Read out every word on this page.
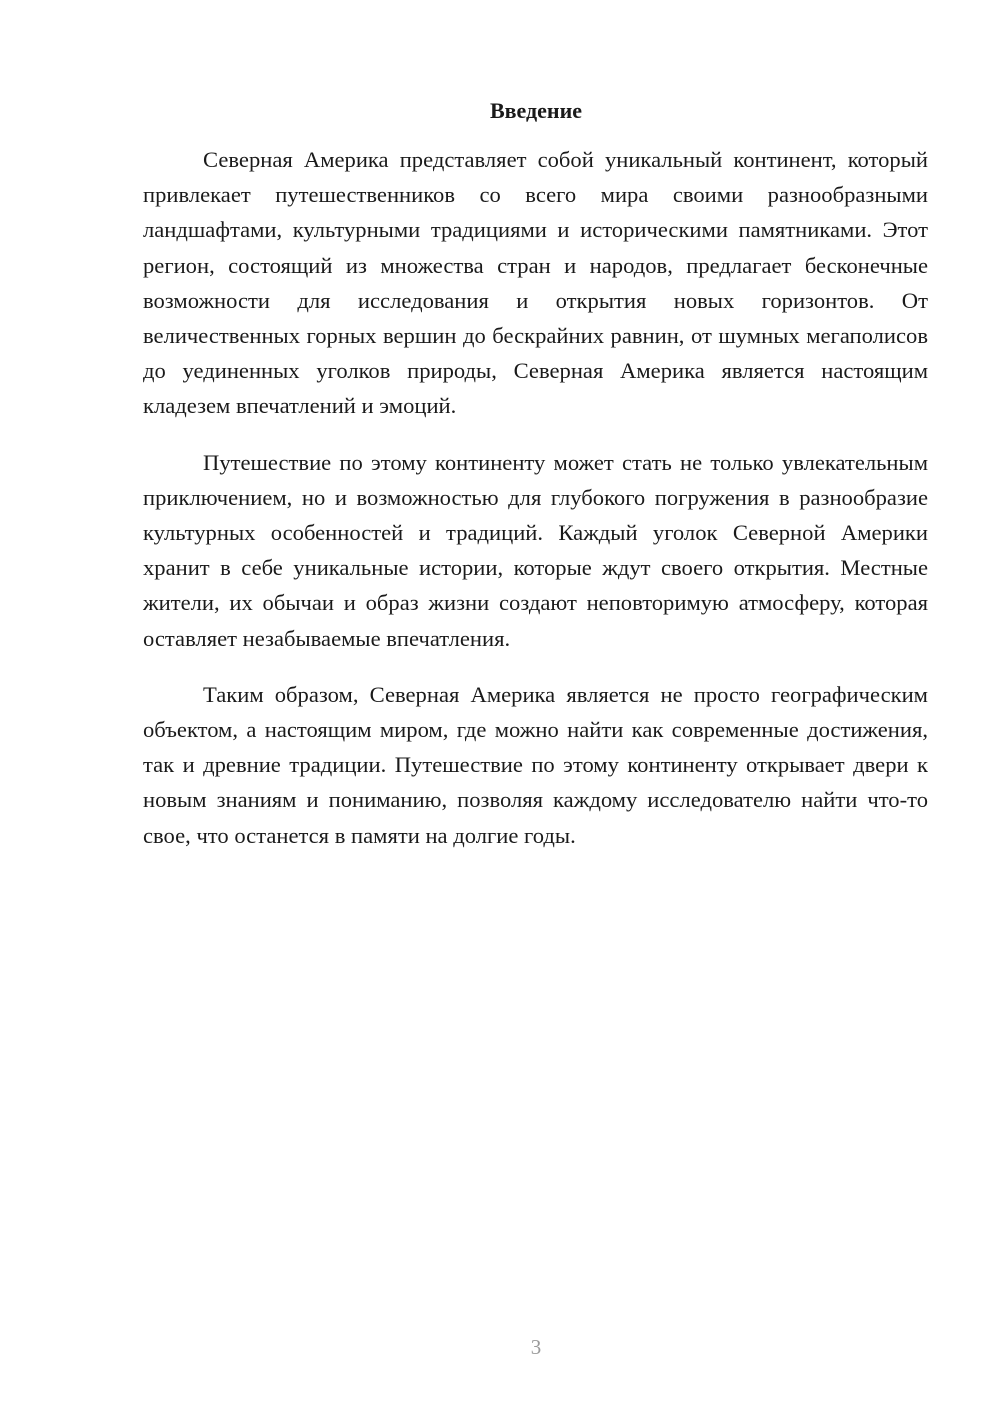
Введение

Северная Америка представляет собой уникальный континент, который привлекает путешественников со всего мира своими разнообразными ландшафтами, культурными традициями и историческими памятниками. Этот регион, состоящий из множества стран и народов, предлагает бесконечные возможности для исследования и открытия новых горизонтов. От величественных горных вершин до бескрайних равнин, от шумных мегаполисов до уединенных уголков природы, Северная Америка является настоящим кладезем впечатлений и эмоций.

Путешествие по этому континенту может стать не только увлекательным приключением, но и возможностью для глубокого погружения в разнообразие культурных особенностей и традиций. Каждый уголок Северной Америки хранит в себе уникальные истории, которые ждут своего открытия. Местные жители, их обычаи и образ жизни создают неповторимую атмосферу, которая оставляет незабываемые впечатления.

Таким образом, Северная Америка является не просто географическим объектом, а настоящим миром, где можно найти как современные достижения, так и древние традиции. Путешествие по этому континенту открывает двери к новым знаниям и пониманию, позволяя каждому исследователю найти что-то свое, что останется в памяти на долгие годы.

3
